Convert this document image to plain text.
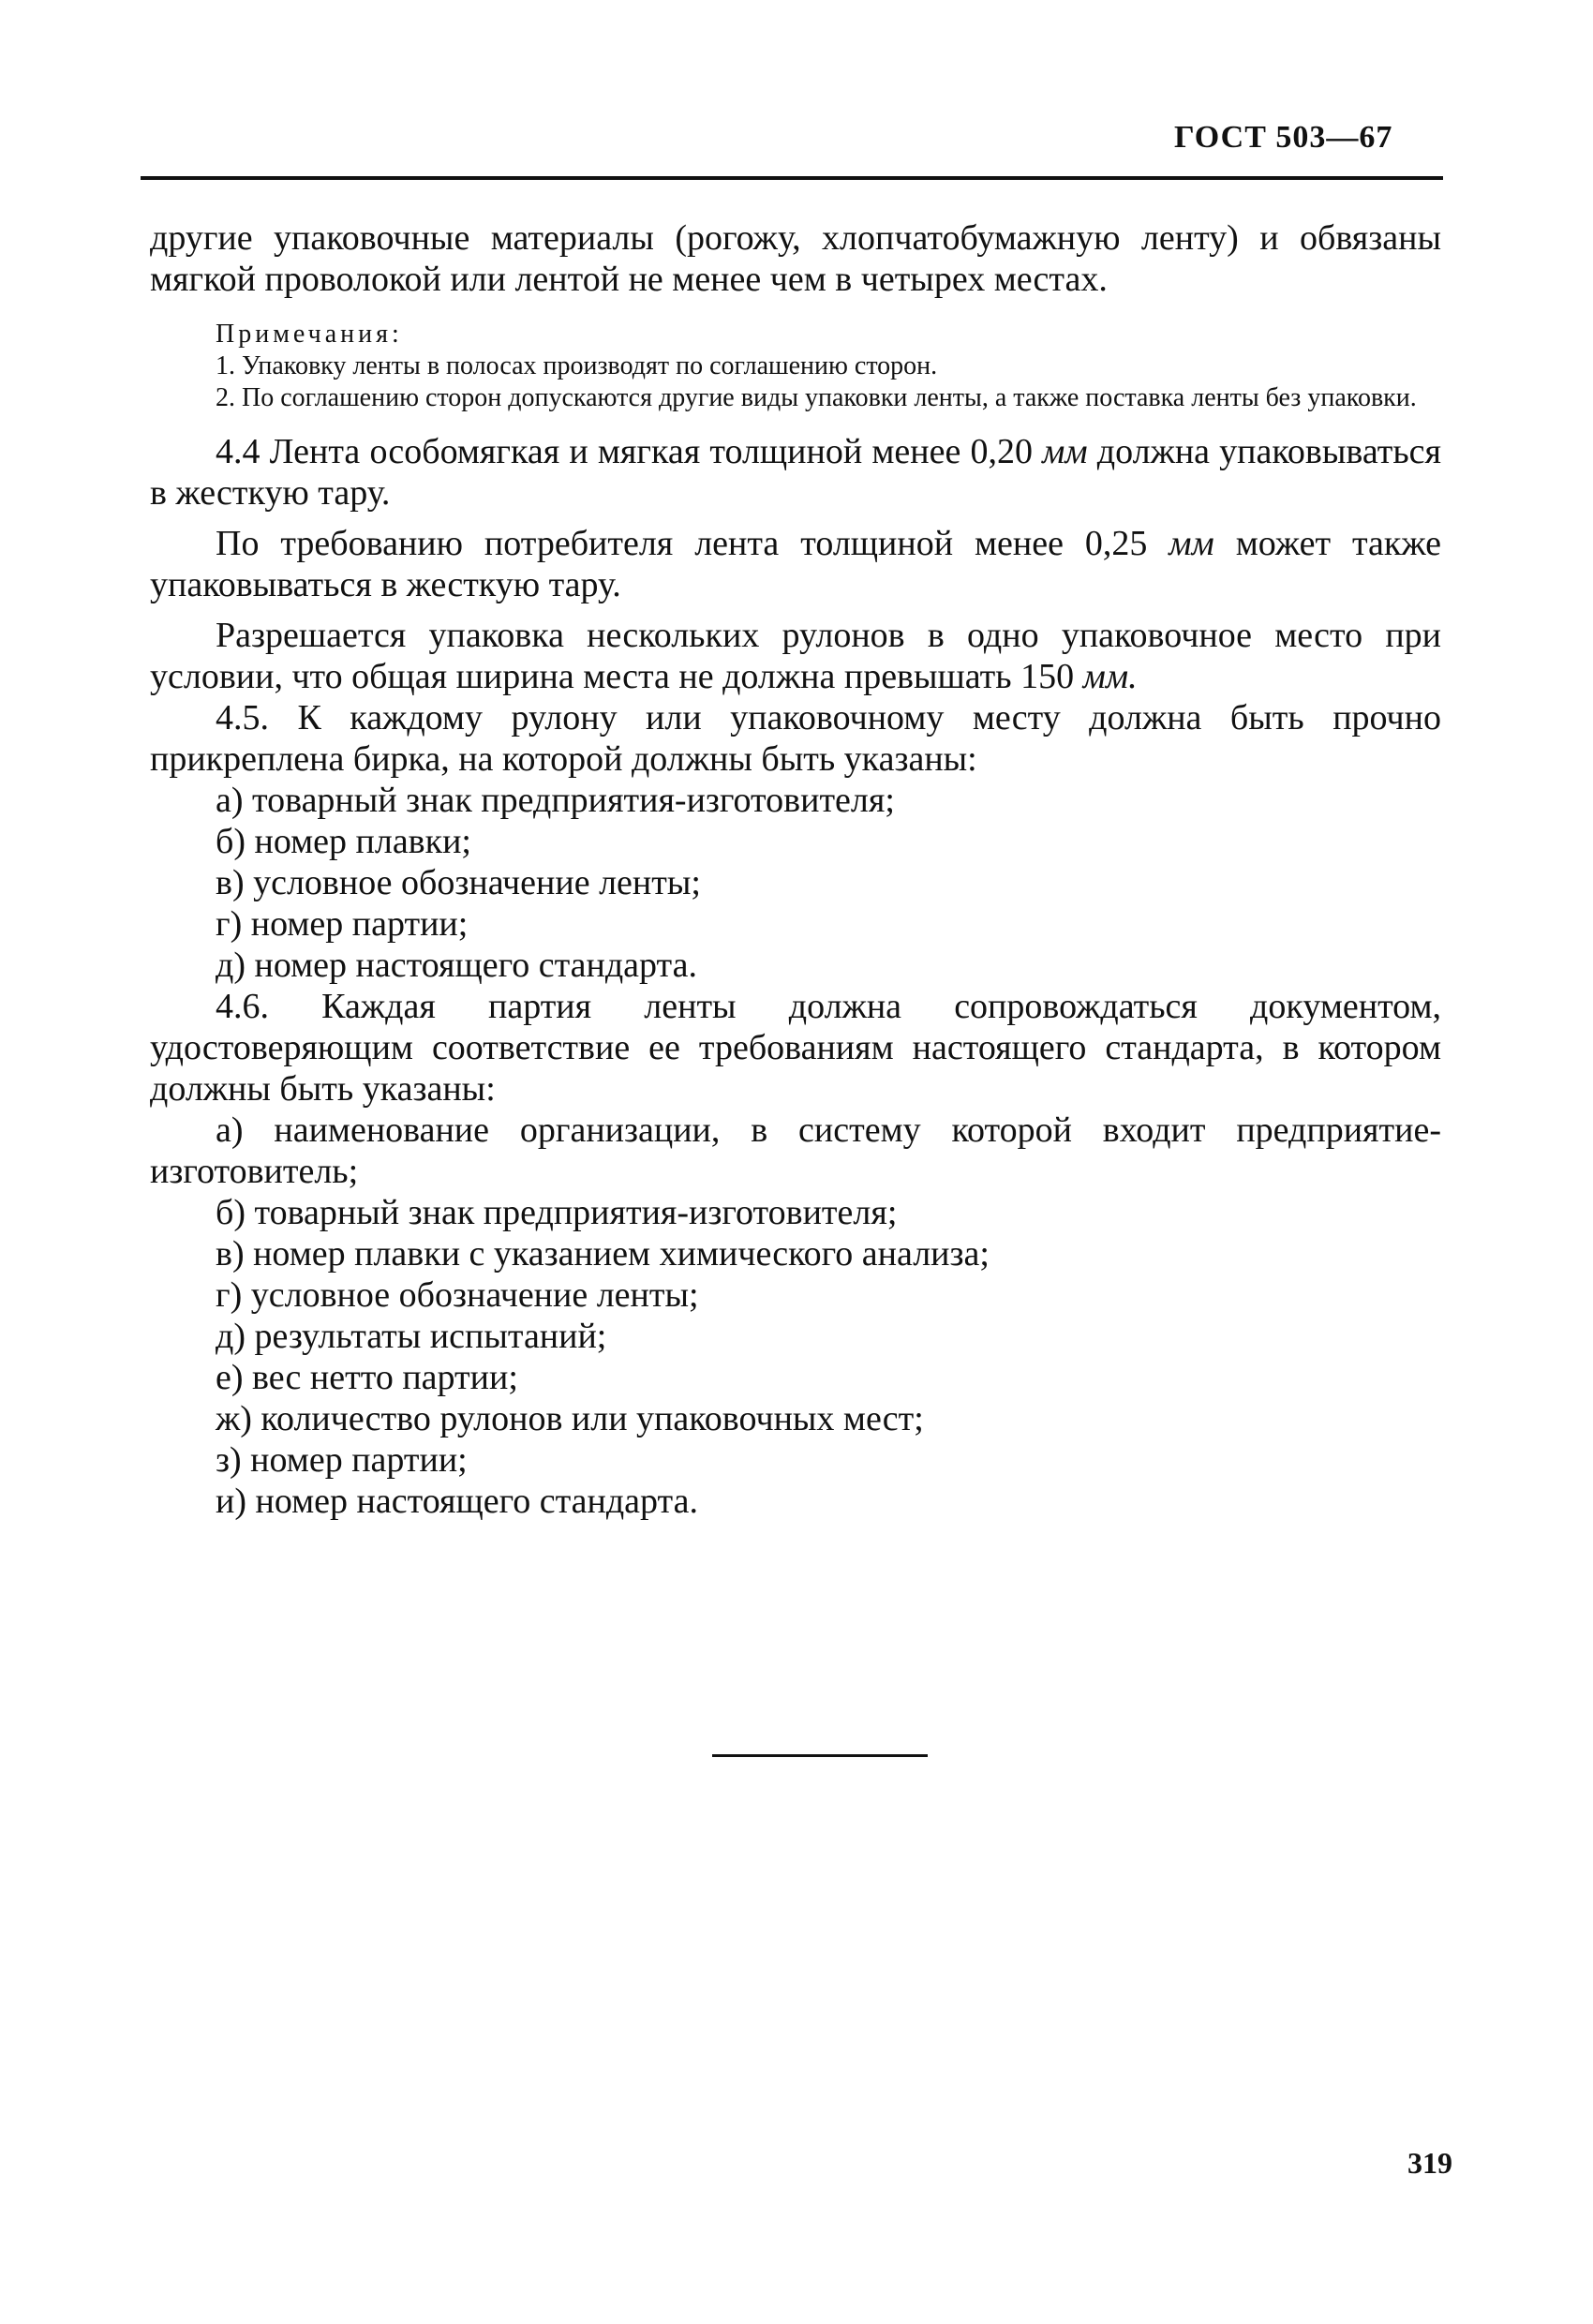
ГОСТ 503—67

другие упаковочные материалы (рогожу, хлопчатобумажную ленту) и обвязаны мягкой проволокой или лентой не менее чем в четырех местах.

Примечания:

1. Упаковку ленты в полосах производят по соглашению сторон.

2. По соглашению сторон допускаются другие виды упаковки ленты, а также поставка ленты без упаковки.

4.4 Лента особомягкая и мягкая толщиной менее 0,20 мм должна упаковываться в жесткую тару.

По требованию потребителя лента толщиной менее 0,25 мм может также упаковываться в жесткую тару.

Разрешается упаковка нескольких рулонов в одно упаковочное место при условии, что общая ширина места не должна превышать 150 мм.

4.5. К каждому рулону или упаковочному месту должна быть прочно прикреплена бирка, на которой должны быть указаны:

а) товарный знак предприятия-изготовителя;

б) номер плавки;

в) условное обозначение ленты;

г) номер партии;

д) номер настоящего стандарта.

4.6. Каждая партия ленты должна сопровождаться документом, удостоверяющим соответствие ее требованиям настоящего стандарта, в котором должны быть указаны:

а) наименование организации, в систему которой входит предприятие-изготовитель;

б) товарный знак предприятия-изготовителя;

в) номер плавки с указанием химического анализа;

г) условное обозначение ленты;

д) результаты испытаний;

е) вес нетто партии;

ж) количество рулонов или упаковочных мест;

з) номер партии;

и) номер настоящего стандарта.

319
